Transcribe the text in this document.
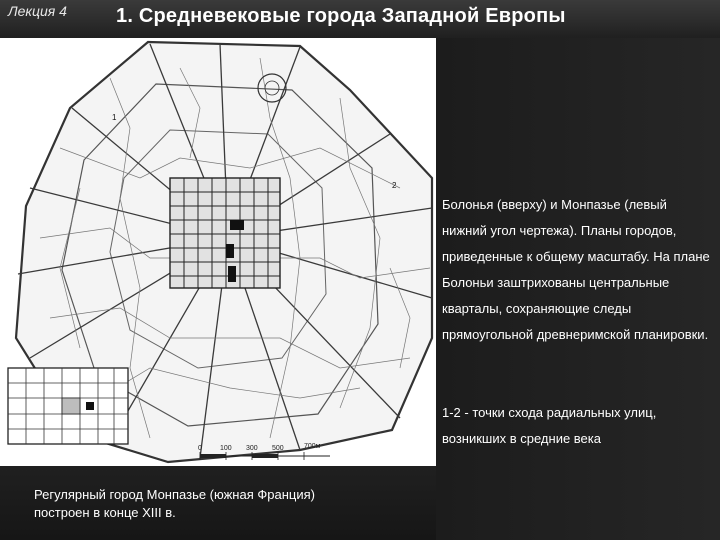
Лекция 4 1. Средневековые города Западной Европы
1
2
0	100 300 500	700м
Болонья (вверху) и Монпазье (левый нижний угол чертежа). Планы городов, приведенные к общему масштабу. На плане Болоньи заштрихованы центральные кварталы, сохраняющие следы прямоугольной древнеримской планировки.
1-2 - точки схода радиальных улиц, возникших в средние века
Регулярный город Монпазье (южная Франция) построен в конце XIII в.
